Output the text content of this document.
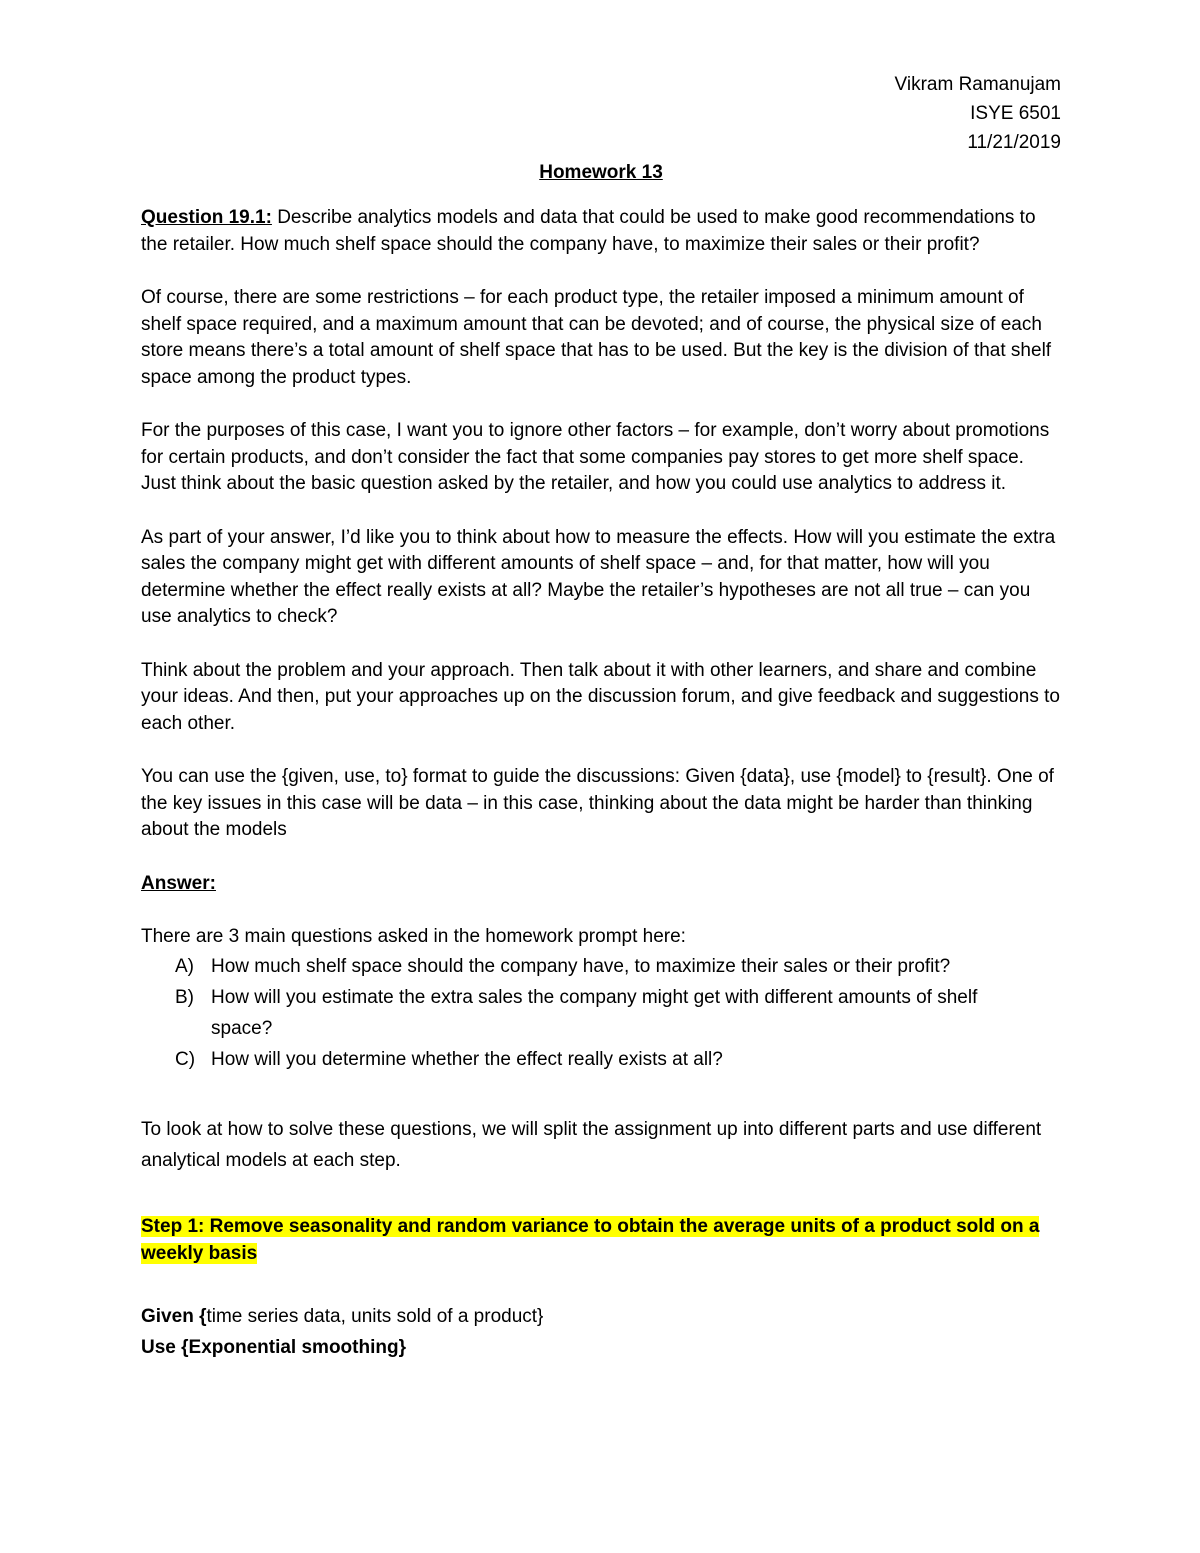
Vikram Ramanujam
ISYE 6501
11/21/2019
Homework 13
Question 19.1: Describe analytics models and data that could be used to make good recommendations to the retailer. How much shelf space should the company have, to maximize their sales or their profit?
Of course, there are some restrictions – for each product type, the retailer imposed a minimum amount of shelf space required, and a maximum amount that can be devoted; and of course, the physical size of each store means there’s a total amount of shelf space that has to be used. But the key is the division of that shelf space among the product types.
For the purposes of this case, I want you to ignore other factors – for example, don’t worry about promotions for certain products, and don’t consider the fact that some companies pay stores to get more shelf space. Just think about the basic question asked by the retailer, and how you could use analytics to address it.
As part of your answer, I’d like you to think about how to measure the effects. How will you estimate the extra sales the company might get with different amounts of shelf space – and, for that matter, how will you determine whether the effect really exists at all? Maybe the retailer’s hypotheses are not all true – can you use analytics to check?
Think about the problem and your approach. Then talk about it with other learners, and share and combine your ideas. And then, put your approaches up on the discussion forum, and give feedback and suggestions to each other.
You can use the {given, use, to} format to guide the discussions: Given {data}, use {model} to {result}. One of the key issues in this case will be data – in this case, thinking about the data might be harder than thinking about the models
Answer:
There are 3 main questions asked in the homework prompt here:
A) How much shelf space should the company have, to maximize their sales or their profit?
B) How will you estimate the extra sales the company might get with different amounts of shelf space?
C) How will you determine whether the effect really exists at all?
To look at how to solve these questions, we will split the assignment up into different parts and use different analytical models at each step.
Step 1: Remove seasonality and random variance to obtain the average units of a product sold on a weekly basis
Given {time series data, units sold of a product}
Use {Exponential smoothing}
